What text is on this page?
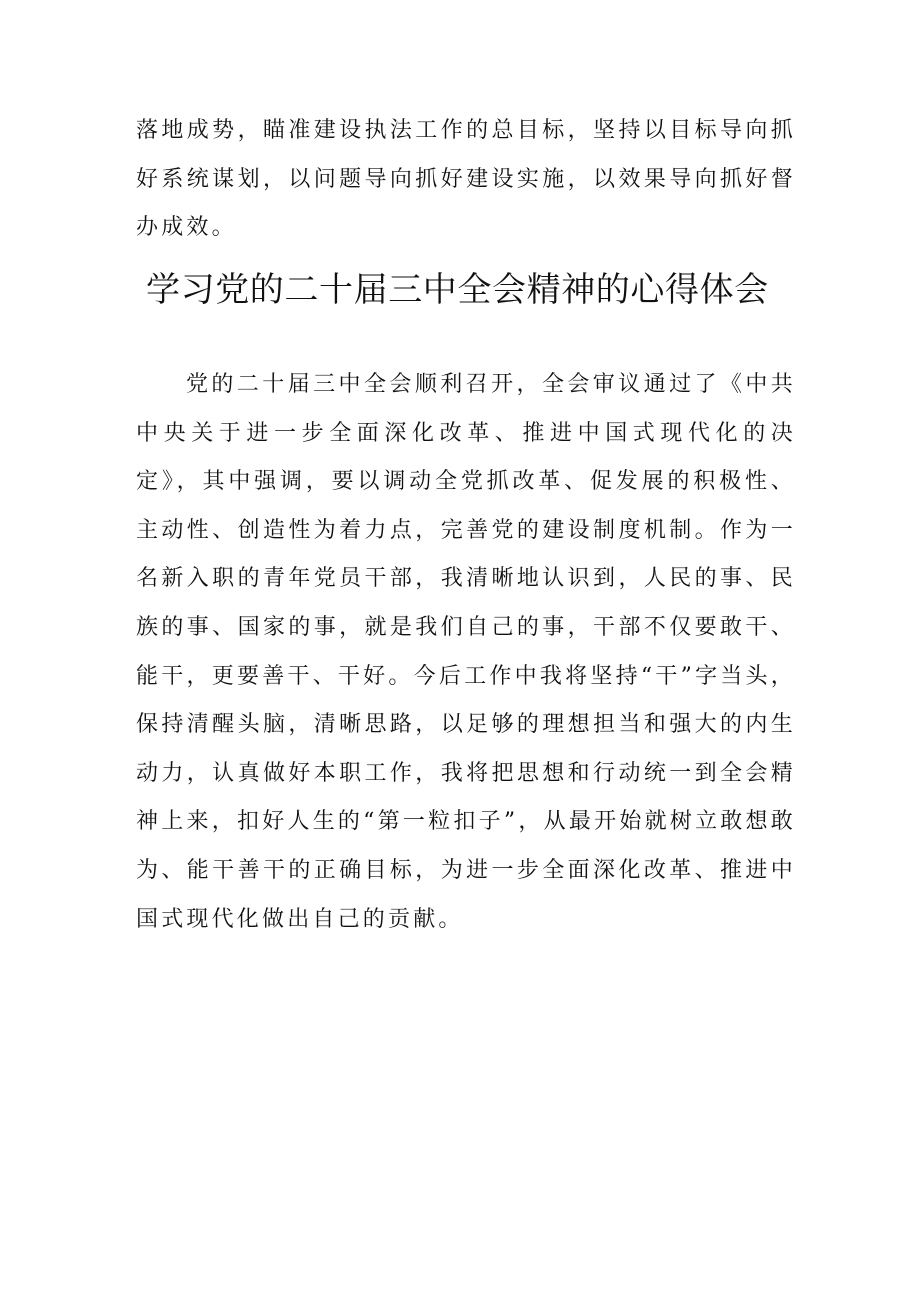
落地成势，瞄准建设执法工作的总目标，坚持以目标导向抓好系统谋划，以问题导向抓好建设实施，以效果导向抓好督办成效。

学习党的二十届三中全会精神的心得体会

党的二十届三中全会顺利召开，全会审议通过了《中共中央关于进一步全面深化改革、推进中国式现代化的决定》，其中强调，要以调动全党抓改革、促发展的积极性、主动性、创造性为着力点，完善党的建设制度机制。作为一名新入职的青年党员干部，我清晰地认识到，人民的事、民族的事、国家的事，就是我们自己的事，干部不仅要敢干、能干，更要善干、干好。今后工作中我将坚持“干”字当头，保持清醒头脑，清晰思路，以足够的理想担当和强大的内生动力，认真做好本职工作，我将把思想和行动统一到全会精神上来，扣好人生的“第一粒扣子”，从最开始就树立敢想敢为、能干善干的正确目标，为进一步全面深化改革、推进中国式现代化做出自己的贡献。
